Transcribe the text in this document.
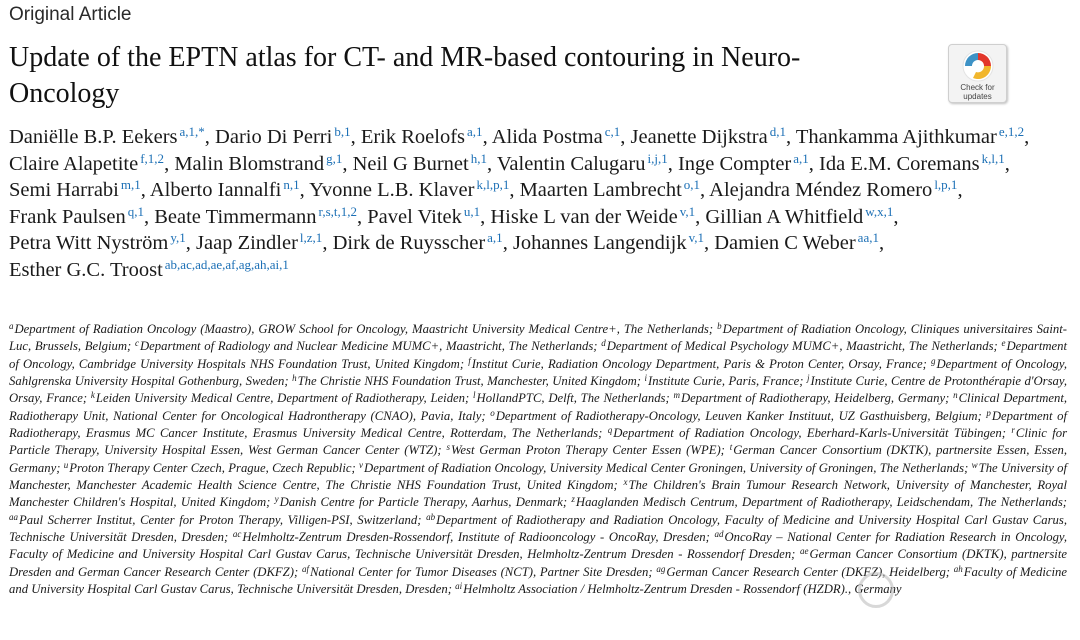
Original Article
Update of the EPTN atlas for CT- and MR-based contouring in Neuro-Oncology	Check for
updates
Daniëlle B.P. Eekers $^{a,1,*}$, Dario Di Perri $^{b,1}$, Erik Roelofs $^{a,1}$, Alida Postma $^{c,1}$, Jeanette Dijkstra $^{d,1}$, Thankamma Ajithkumar $^{e,1,2}$, Claire Alapetite $^{f,1,2}$, Malin Blomstrand $^{g,1}$, Neil G Burnet $^{h,1}$, Valentin Calugaru $^{i,j,1}$, Inge Compter $^{a,1}$, Ida E.M. Coremans $^{k,l,1}$, Semi Harrabi $^{m,1}$, Alberto Iannalfi $^{n,1}$, Yvonne L.B. Klaver $^{k,l,p,1}$, Maarten Lambrecht $^{o,1}$, Alejandra Méndez Romero $^{l,p,1}$, Frank Paulsen $^{q,1}$, Beate Timmermann $^{r,s,t,1,2}$, Pavel Vitek $^{u,1}$, Hiske L van der Weide $^{v,1}$, Gillian A Whitfield $^{w,x,1}$, Petra Witt Nyström $^{y,1}$, Jaap Zindler $^{l,z,1}$, Dirk de Ruysscher $^{a,1}$, Johannes Langendijk $^{v,1}$, Damien C Weber $^{aa,1}$, Esther G.C. Troost $^{ab,ac,ad,ae,af,ag,ah,ai,1}$
$^a$Department of Radiation Oncology (Maastro), GROW School for Oncology, Maastricht University Medical Centre+, The Netherlands; $^b$Department of Radiation Oncology, Cliniques universitaires Saint-Luc, Brussels, Belgium; $^c$Department of Radiology and Nuclear Medicine MUMC+, Maastricht, The Netherlands; $^d$Department of Medical Psychology MUMC+, Maastricht, The Netherlands; $^e$Department of Oncology, Cambridge University Hospitals NHS Foundation Trust, United Kingdom; $^f$Institut Curie, Radiation Oncology Department, Paris & Proton Center, Orsay, France; $^g$Department of Oncology, Sahlgrenska University Hospital Gothenburg, Sweden; $^h$The Christie NHS Foundation Trust, Manchester, United Kingdom; $^i$Institute Curie, Paris, France; $^j$Institute Curie, Centre de Protonthérapie d'Orsay, Orsay, France; $^k$Leiden University Medical Centre, Department of Radiotherapy, Leiden; $^l$HollandPTC, Delft, The Netherlands; $^m$Department of Radiotherapy, Heidelberg, Germany; $^n$Clinical Department, Radiotherapy Unit, National Center for Oncological Hadrontherapy (CNAO), Pavia, Italy; $^o$Department of Radiotherapy-Oncology, Leuven Kanker Instituut, UZ Gasthuisberg, Belgium; $^p$Department of Radiotherapy, Erasmus MC Cancer Institute, Erasmus University Medical Centre, Rotterdam, The Netherlands; $^q$Department of Radiation Oncology, Eberhard-Karls-Universität Tübingen; $^r$Clinic for Particle Therapy, University Hospital Essen, West German Cancer Center (WTZ); $^s$West German Proton Therapy Center Essen (WPE); $^t$German Cancer Consortium (DKTK), partnersite Essen, Essen, Germany; $^u$Proton Therapy Center Czech, Prague, Czech Republic; $^v$Department of Radiation Oncology, University Medical Center Groningen, University of Groningen, The Netherlands; $^w$The University of Manchester, Manchester Academic Health Science Centre, The Christie NHS Foundation Trust, United Kingdom; $^x$The Children's Brain Tumour Research Network, University of Manchester, Royal Manchester Children's Hospital, United Kingdom; $^y$Danish Centre for Particle Therapy, Aarhus, Denmark; $^z$Haaglanden Medisch Centrum, Department of Radiotherapy, Leidschendam, The Netherlands; $^{aa}$Paul Scherrer Institut, Center for Proton Therapy, Villigen-PSI, Switzerland; $^{ab}$Department of Radiotherapy and Radiation Oncology, Faculty of Medicine and University Hospital Carl Gustav Carus, Technische Universität Dresden, Dresden; $^{ac}$Helmholtz-Zentrum Dresden-Rossendorf, Institute of Radiooncology - OncoRay, Dresden; $^{ad}$OncoRay – National Center for Radiation Research in Oncology, Faculty of Medicine and University Hospital Carl Gustav Carus, Technische Universität Dresden, Helmholtz-Zentrum Dresden - Rossendorf Dresden; $^{ae}$German Cancer Consortium (DKTK), partnersite Dresden and German Cancer Research Center (DKFZ); $^{af}$National Center for Tumor Diseases (NCT), Partner Site Dresden; $^{ag}$German Cancer Research Center (DKFZ), Heidelberg; $^{ah}$Faculty of Medicine and University Hospital Carl Gustav Carus, Technische Universität Dresden, Dresden; $^{ai}$Helmholtz Association / Helmholtz-Zentrum Dresden - Rossendorf (HZDR)., Germany
